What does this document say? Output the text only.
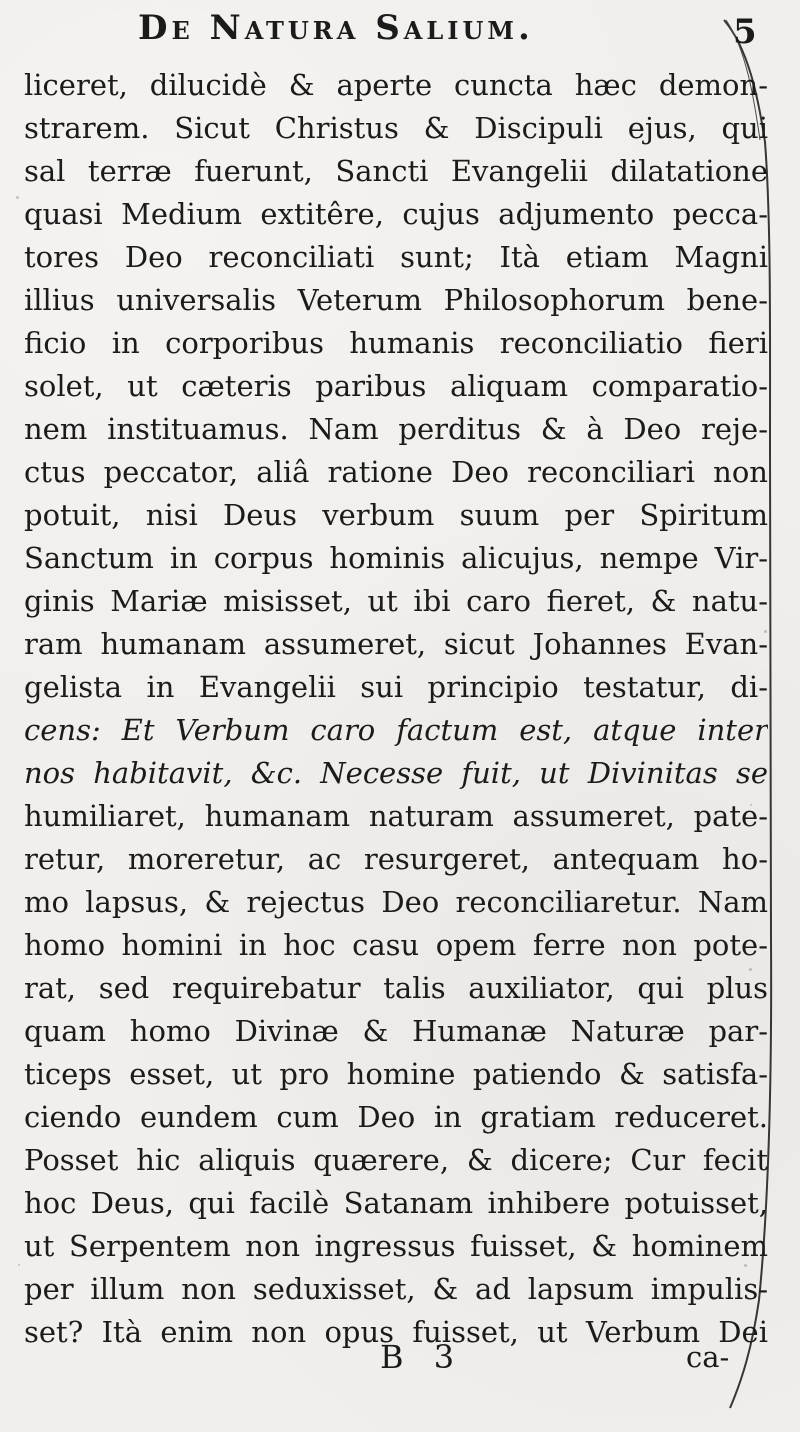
De Natura Salium.	5
liceret, dilucidè & aperte cuncta hæc demon-
strarem. Sicut Christus & Discipuli ejus, qui
sal terræ fuerunt, Sancti Evangelii dilatatione
quasi Medium extitêre, cujus adjumento pecca-
tores Deo reconciliati sunt; Ità etiam Magni
illius universalis Veterum Philosophorum bene-
ficio in corporibus humanis reconciliatio fieri
solet, ut cæteris paribus aliquam comparatio-
nem instituamus. Nam perditus & à Deo reje-
ctus peccator, aliâ ratione Deo reconciliari non
potuit, nisi Deus verbum suum per Spiritum
Sanctum in corpus hominis alicujus, nempe Vir-
ginis Mariæ misisset, ut ibi caro fieret, & natu-
ram humanam assumeret, sicut Johannes Evan-
gelista in Evangelii sui principio testatur, di-
cens: Et Verbum caro factum est, atque inter
nos habitavit, &c. Necesse fuit, ut Divinitas se
humiliaret, humanam naturam assumeret, pate-
retur, moreretur, ac resurgeret, antequam ho-
mo lapsus, & rejectus Deo reconciliaretur. Nam
homo homini in hoc casu opem ferre non pote-
rat, sed requirebatur talis auxiliator, qui plus
quam homo Divinæ & Humanæ Naturæ par-
ticeps esset, ut pro homine patiendo & satisfa-
ciendo eundem cum Deo in gratiam reduceret.
Posset hic aliquis quærere, & dicere; Cur fecit
hoc Deus, qui facilè Satanam inhibere potuisset,
ut Serpentem non ingressus fuisset, & hominem
per illum non seduxisset, & ad lapsum impulis-
set? Ità enim non opus fuisset, ut Verbum Dei
B 3	ca-
